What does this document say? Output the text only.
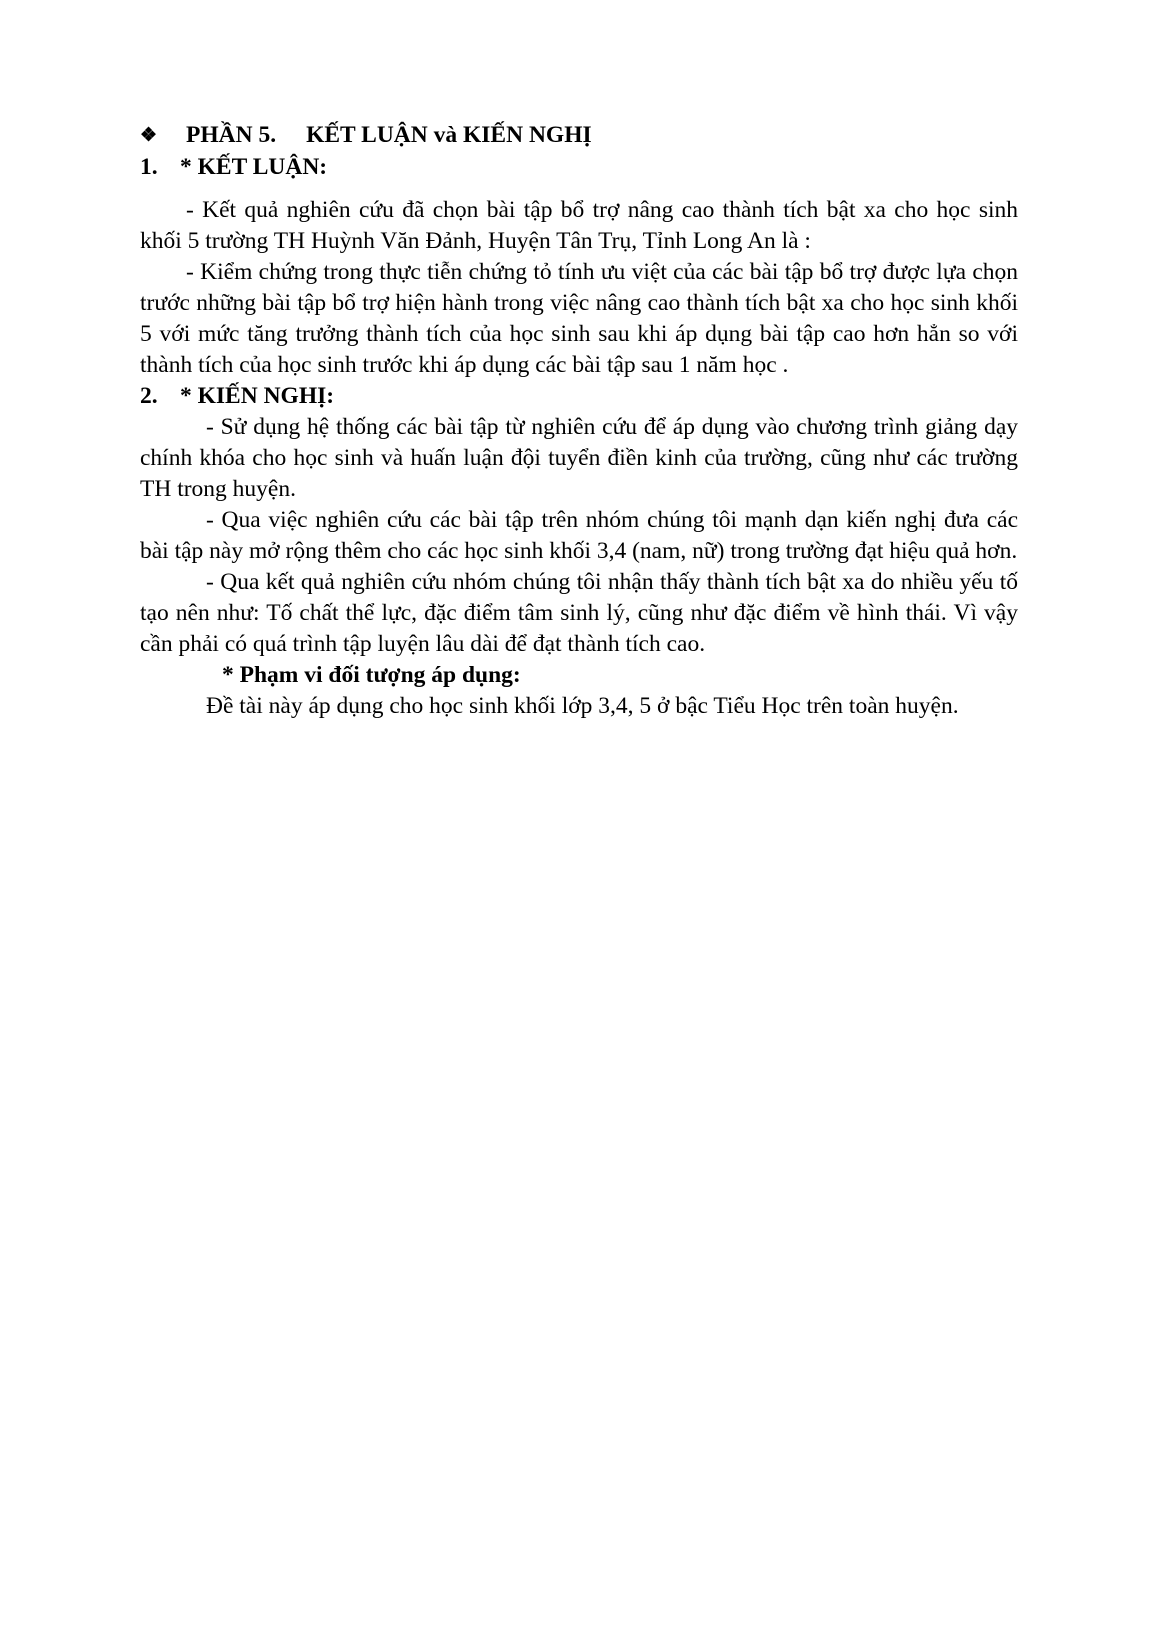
❖	PHẦN 5. KẾT LUẬN và KIẾN NGHỊ
1. * KẾT LUẬN:

- Kết quả nghiên cứu đã chọn bài tập bổ trợ nâng cao thành tích bật xa cho học sinh khối 5 trường TH Huỳnh Văn Đảnh, Huyện Tân Trụ, Tỉnh Long An là :

- Kiểm chứng trong thực tiễn chứng tỏ tính ưu việt của các bài tập bổ trợ được lựa chọn trước những bài tập bổ trợ hiện hành trong việc nâng cao thành tích bật xa cho học sinh khối 5 với mức tăng trưởng thành tích của học sinh sau khi áp dụng bài tập cao hơn hẳn so với thành tích của học sinh trước khi áp dụng các bài tập sau 1 năm học .

2. * KIẾN NGHỊ:

- Sử dụng hệ thống các bài tập từ nghiên cứu để áp dụng vào chương trình giảng dạy chính khóa cho học sinh và huấn luận đội tuyển điền kinh của trường, cũng như các trường TH trong huyện.

- Qua việc nghiên cứu các bài tập trên nhóm chúng tôi mạnh dạn kiến nghị đưa các bài tập này mở rộng thêm cho các học sinh khối 3,4 (nam, nữ) trong trường đạt hiệu quả hơn.

- Qua kết quả nghiên cứu nhóm chúng tôi nhận thấy thành tích bật xa do nhiều yếu tố tạo nên như: Tố chất thể lực, đặc điểm tâm sinh lý, cũng như đặc điểm về hình thái. Vì vậy cần phải có quá trình tập luyện lâu dài để đạt thành tích cao.

* Phạm vi đối tượng áp dụng:

Đề tài này áp dụng cho học sinh khối lớp 3,4, 5 ở bậc Tiểu Học trên toàn huyện.
